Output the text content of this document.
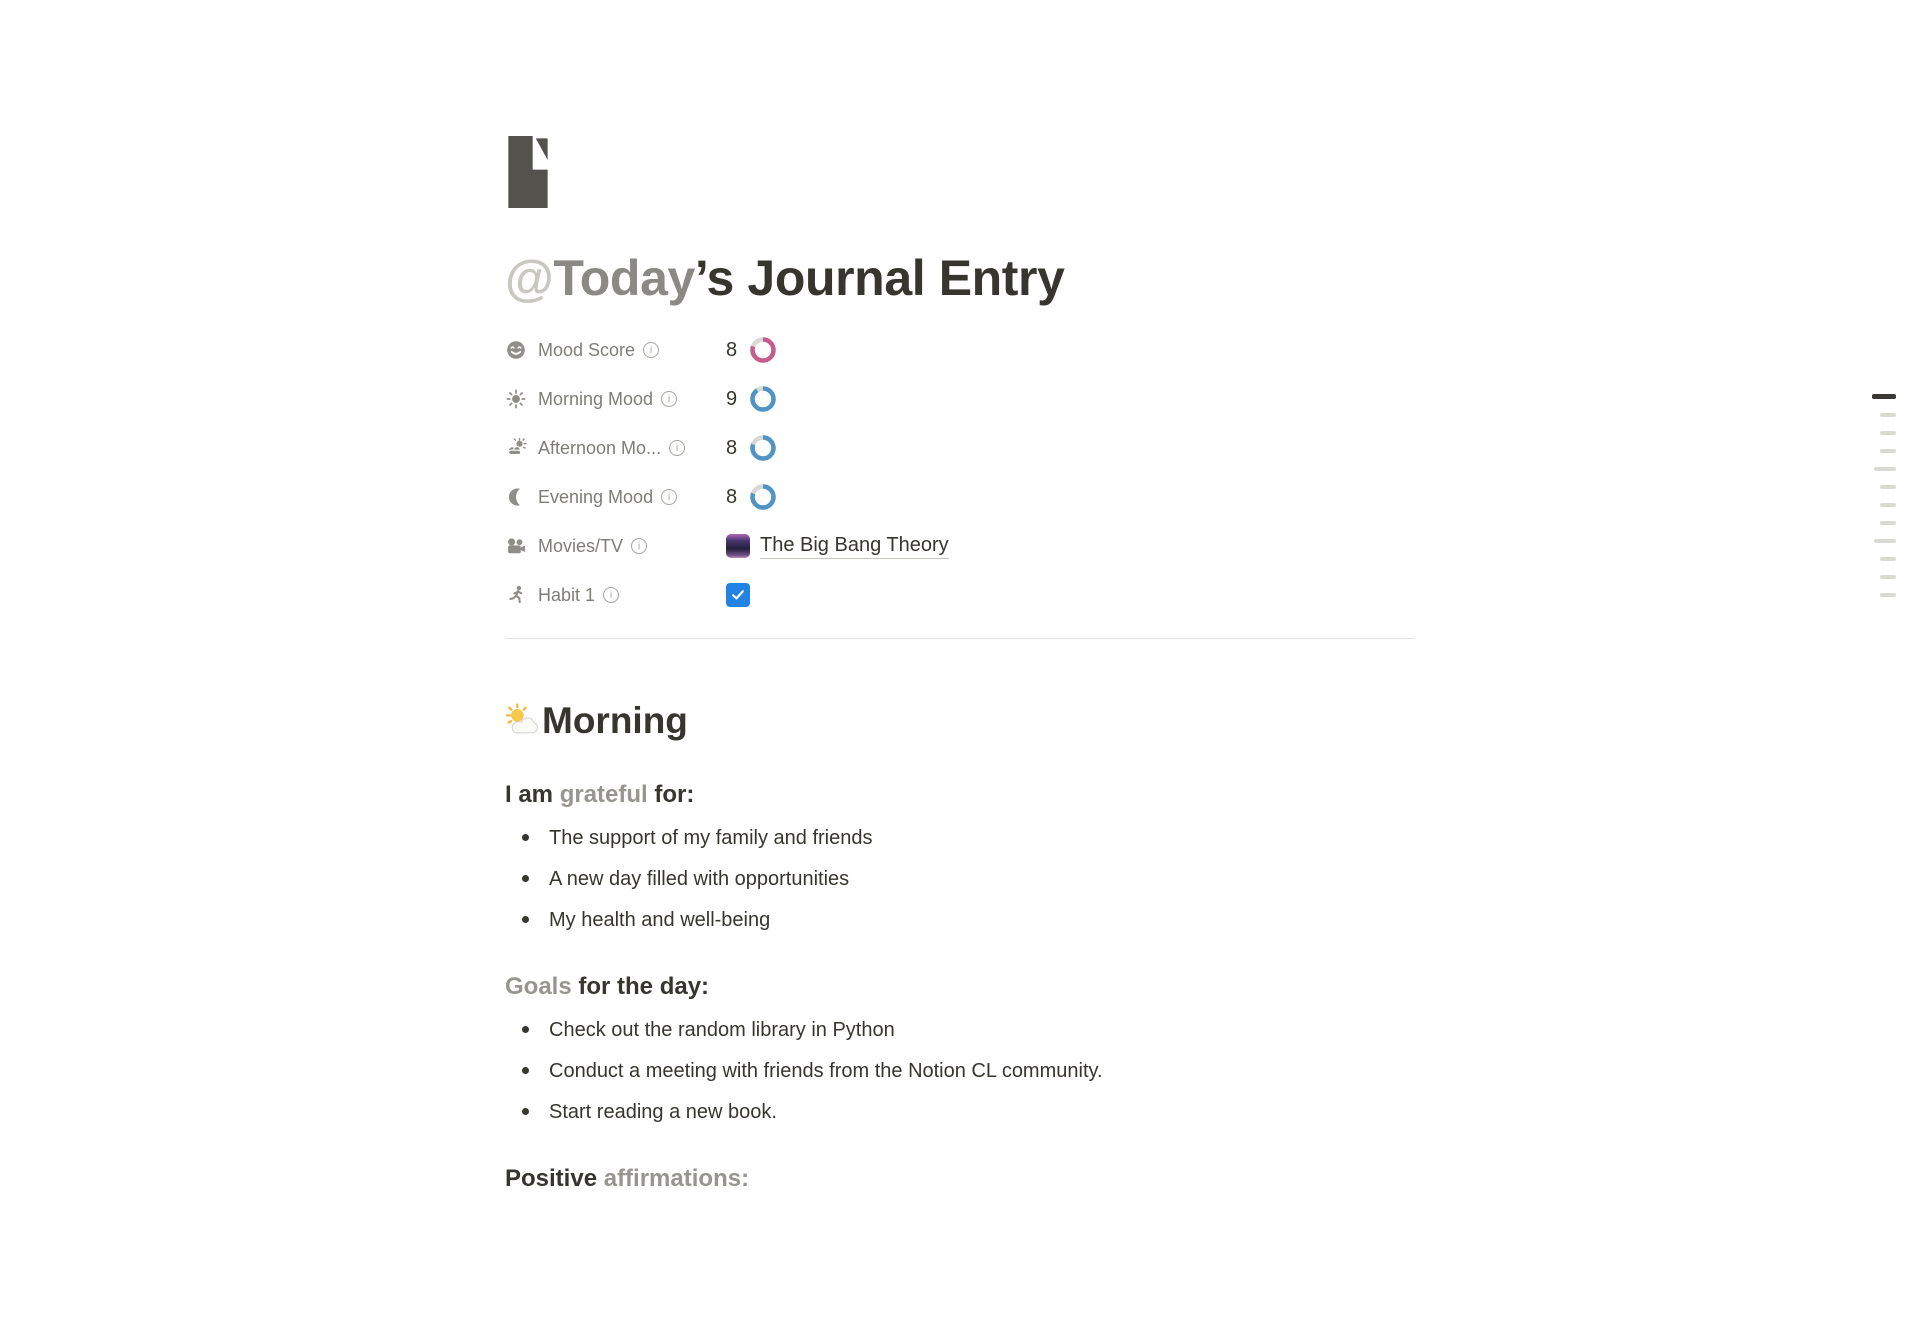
@Today’s Journal Entry
Mood Score i	8
Morning Mood i	9
Afternoon Mo... i 8
Evening Mood i	8
Movies/TV i	The Big Bang Theory
Habit 1 i
Morning

I am grateful for:

The support of my family and friends
A new day filled with opportunities
My health and well-being

Goals for the day:

Check out the random library in Python
Conduct a meeting with friends from the Notion CL community.
Start reading a new book.

Positive affirmations:
